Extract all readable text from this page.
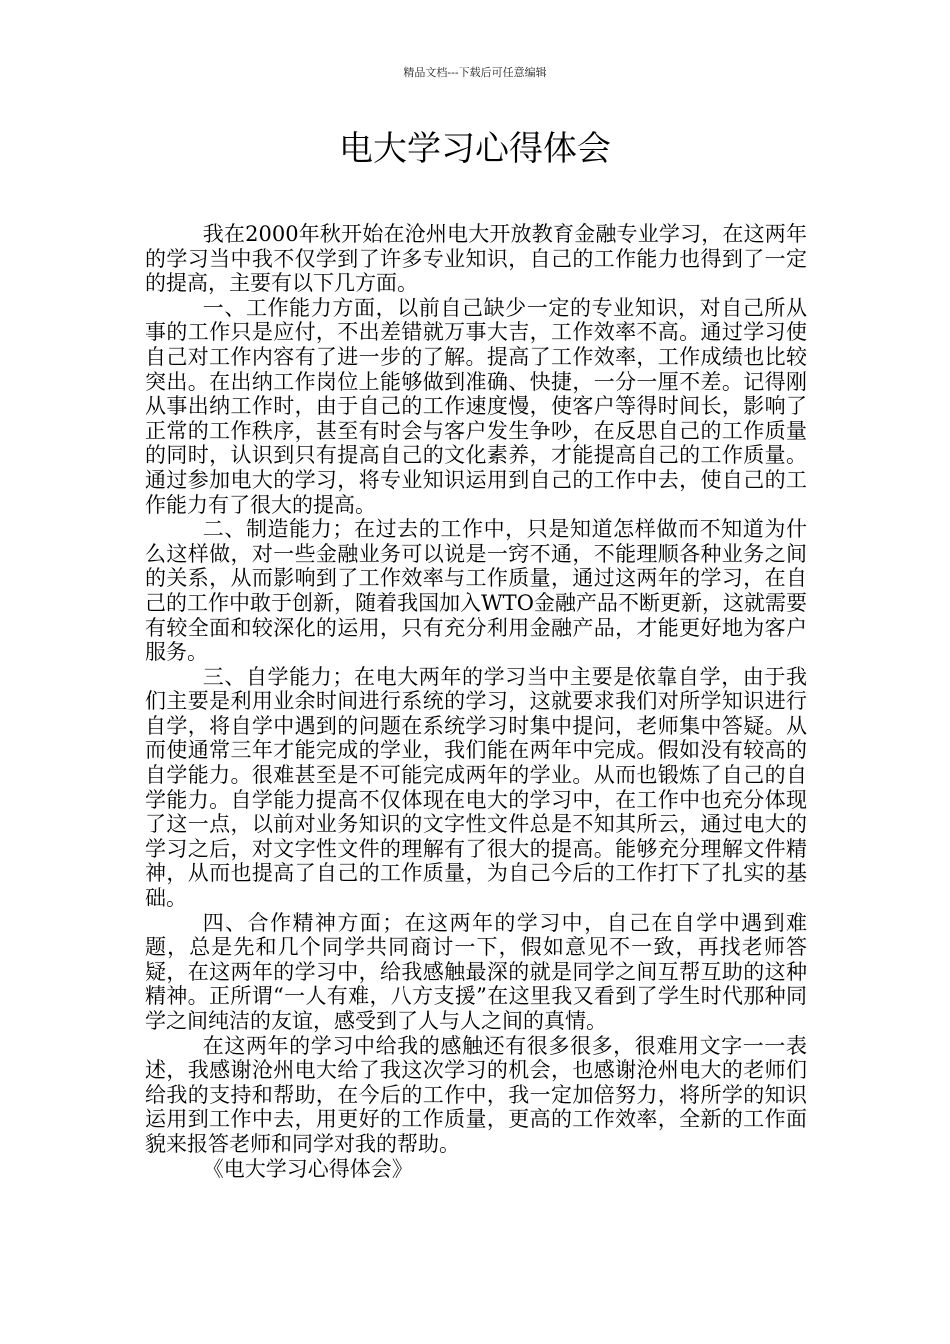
精品文档---下载后可任意编辑
电大学习心得体会

我在2000年秋开始在沧州电大开放教育金融专业学习，在这两年的学习当中我不仅学到了许多专业知识，自己的工作能力也得到了一定的提高，主要有以下几方面。

一、工作能力方面，以前自己缺少一定的专业知识，对自己所从事的工作只是应付，不出差错就万事大吉，工作效率不高。通过学习使自己对工作内容有了进一步的了解。提高了工作效率，工作成绩也比较突出。在出纳工作岗位上能够做到准确、快捷，一分一厘不差。记得刚从事出纳工作时，由于自己的工作速度慢，使客户等得时间长，影响了正常的工作秩序，甚至有时会与客户发生争吵，在反思自己的工作质量的同时，认识到只有提高自己的文化素养，才能提高自己的工作质量。通过参加电大的学习，将专业知识运用到自己的工作中去，使自己的工作能力有了很大的提高。

二、制造能力；在过去的工作中，只是知道怎样做而不知道为什么这样做，对一些金融业务可以说是一窍不通，不能理顺各种业务之间的关系，从而影响到了工作效率与工作质量，通过这两年的学习，在自己的工作中敢于创新，随着我国加入WTO金融产品不断更新，这就需要有较全面和较深化的运用，只有充分利用金融产品，才能更好地为客户服务。

三、自学能力；在电大两年的学习当中主要是依靠自学，由于我们主要是利用业余时间进行系统的学习，这就要求我们对所学知识进行自学，将自学中遇到的问题在系统学习时集中提问，老师集中答疑。从而使通常三年才能完成的学业，我们能在两年中完成。假如没有较高的自学能力。很难甚至是不可能完成两年的学业。从而也锻炼了自己的自学能力。自学能力提高不仅体现在电大的学习中，在工作中也充分体现了这一点，以前对业务知识的文字性文件总是不知其所云，通过电大的学习之后，对文字性文件的理解有了很大的提高。能够充分理解文件精神，从而也提高了自己的工作质量，为自己今后的工作打下了扎实的基础。

四、合作精神方面；在这两年的学习中，自己在自学中遇到难题，总是先和几个同学共同商讨一下，假如意见不一致，再找老师答疑，在这两年的学习中，给我感触最深的就是同学之间互帮互助的这种精神。正所谓“一人有难，八方支援”在这里我又看到了学生时代那种同学之间纯洁的友谊，感受到了人与人之间的真情。

在这两年的学习中给我的感触还有很多很多，很难用文字一一表述，我感谢沧州电大给了我这次学习的机会，也感谢沧州电大的老师们给我的支持和帮助，在今后的工作中，我一定加倍努力，将所学的知识运用到工作中去，用更好的工作质量，更高的工作效率，全新的工作面貌来报答老师和同学对我的帮助。

《电大学习心得体会》
